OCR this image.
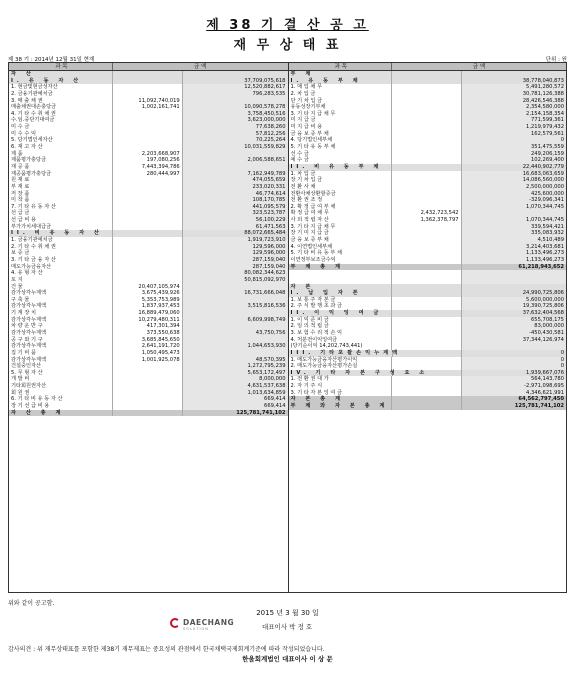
제 38 기 결 산 공 고
재 무 상 태 표
제 38 기 : 2014년 12월 31일 현재	단위 : 원
과 목	금 액
자 산
I. 유 동 자 산	37,709,075,618
1. 현금및현금성자산	12,520,882,617
2. 금융기관예치금	796,283,535
3. 매 출 채 권	11,092,740,019
매출채권대손충당금	1,002,161,741	10,090,578,278
4. 기 타 수 취 채 권	3,758,450,516
수.임.중단기대여금	3,623,000,000
미 수 금	77,638,260
미 수 수 익	57,812,256
5. 당기법인세자산	70,225,264
6. 재 고 자 산	10,031,559,829
제 품	2,203,668,907
제품평가충당금	197,080,256	2,006,588,651
재 공 품	7,443,394,786
재공품평가충당금	280,444,997	7,162,949,789
원 재 료	474,055,659
부 재 료	233,020,331
저 장 품	46,774,614
미 착 품	108,170,785
7. 기 타 유 동 자 산	441,095,579
선 급 금	323,523,787
선 급 비 용	56,100,229
부가가치세대급금	61,471,563
II. 비 유 동 자 산	88,072,665,484
1. 금융기관예치금	1,919,723,910
2. 기 타 수 취 채 권	129,596,000
보 증 금	129,596,000
3. 기 타 금 융 자 산	287,159,040
매도가능금융자산	287,159,040
4. 유 형 자 산	80,082,344,623
토 지	50,815,092,970
건 물	20,407,105,974
감가상각누계액	3,675,439,926	16,731,666,048
구 축 물	5,353,753,989
감가상각누계액	1,837,937,453	3,515,816,536
기 계 장 치	16,889,479,060
감가상각누계액	10,279,480,311	6,609,998,749
차 량 운 반 구	417,301,394
감가상각누계액	373,550,638	43,750,756
공 구 와 기 구	3,685,845,650
감가상각누계액	2,641,191,720	1,044,653,930
집 기 비 품	1,050,495,473
감가상각누계액	1,001,925,078	48,570,395
건설중인자산	1,272,795,239
5. 무 형 자 산	5,653,172,497
개 발 비	8,000,000
기타회원권자산	4,631,537,638
회 원 권	1,013,634,859
6. 기 타 비 유 동 자 산	669,414
장 기 선 급 비 용	669,414
자 산 총 계	125,781,741,102
과 목	금 액
부 채
I. 유 동 부 채	38,778,040,873
1. 매 입 채 무	5,491,280,572
2. 차 입 금	30,781,126,388
단 기 차 입 금	28,426,546,388
유동성장기부채	2,354,580,000
3. 기 타 지 급 채 무	2,154,158,354
미 지 급 금	771,599,361
미 지 급 비 용	1,219,979,432
금 융 보 증 부 채	162,579,561
4. 당기법인세부채	0
5. 기 타 유 동 부 채	351,475,559
선 수 금	249,206,159
예 수 금	102,269,400
II. 비 유 동 부 채	22,440,902,779
1. 차 입 금	16,683,063,659
장 기 차 입 금	14,086,560,000
전 환 사 채	2,500,000,000
전환사채상환할증금	425,600,000
전 환 권 조 정	-329,096,341
2. 확 정 급 여 부 채	1,070,344,745
확 정 급 여 채 무	2,432,723,542
사 외 적 립 자 산	1,362,378,797	1,070,344,745
3. 기 타 지 급 채 무	339,594,421
장 기 미 지 급 금	335,083,932
금 융 보 증 부 채	4,510,489
4. 이연법인세부채	3,214,403,681
5. 기 타 비 유 동 부 채	1,133,496,273
이연정부보조금수익	1,133,496,273
부 채 총 계	61,218,943,652
자 본
I. 납 입 자 본	24,990,725,806
1. 보 통 주 자 본 금	5,600,000,000
2. 주 식 발 행 초 과 금	19,390,725,806
II. 이 익 잉 여 금	37,632,404,568
1. 이 익 준 비 금	655,708,175
2. 임 의 적 립 금	83,000,000
3. 보 험 수 리 적 손 익	-450,430,581
4. 처분전이익잉여금	37,344,126,974
(당기순이익 14,202,743,441)
III. 기타포괄손익누계액	0
1. 매도가능금융자산평가이익	0
2. 매도가능금융자산평가손실	0
IV. 기 타 자 본 구 성 요 소	1,939,667,076
1. 전 환 권 대 가	564,143,780
2. 자 기 주 식	-2,971,098,695
3. 기 타 자 본 잉 여 금	4,346,621,991
자 본 총 계	64,562,797,450
부 채 와 자 본 총 계	125,781,741,102
위와 같이 공고함.
2015 년 3 월 30 일
DAECHANG
SOLUTION	대표이사 박 정 호
감사의견 : 위 재무상태표를 포함한 제38기 재무제표는 중요성의 관점에서 한국채택국제회계기준에 따라 작성되었습니다.
한울회계법인 대표이사 이 상 문
